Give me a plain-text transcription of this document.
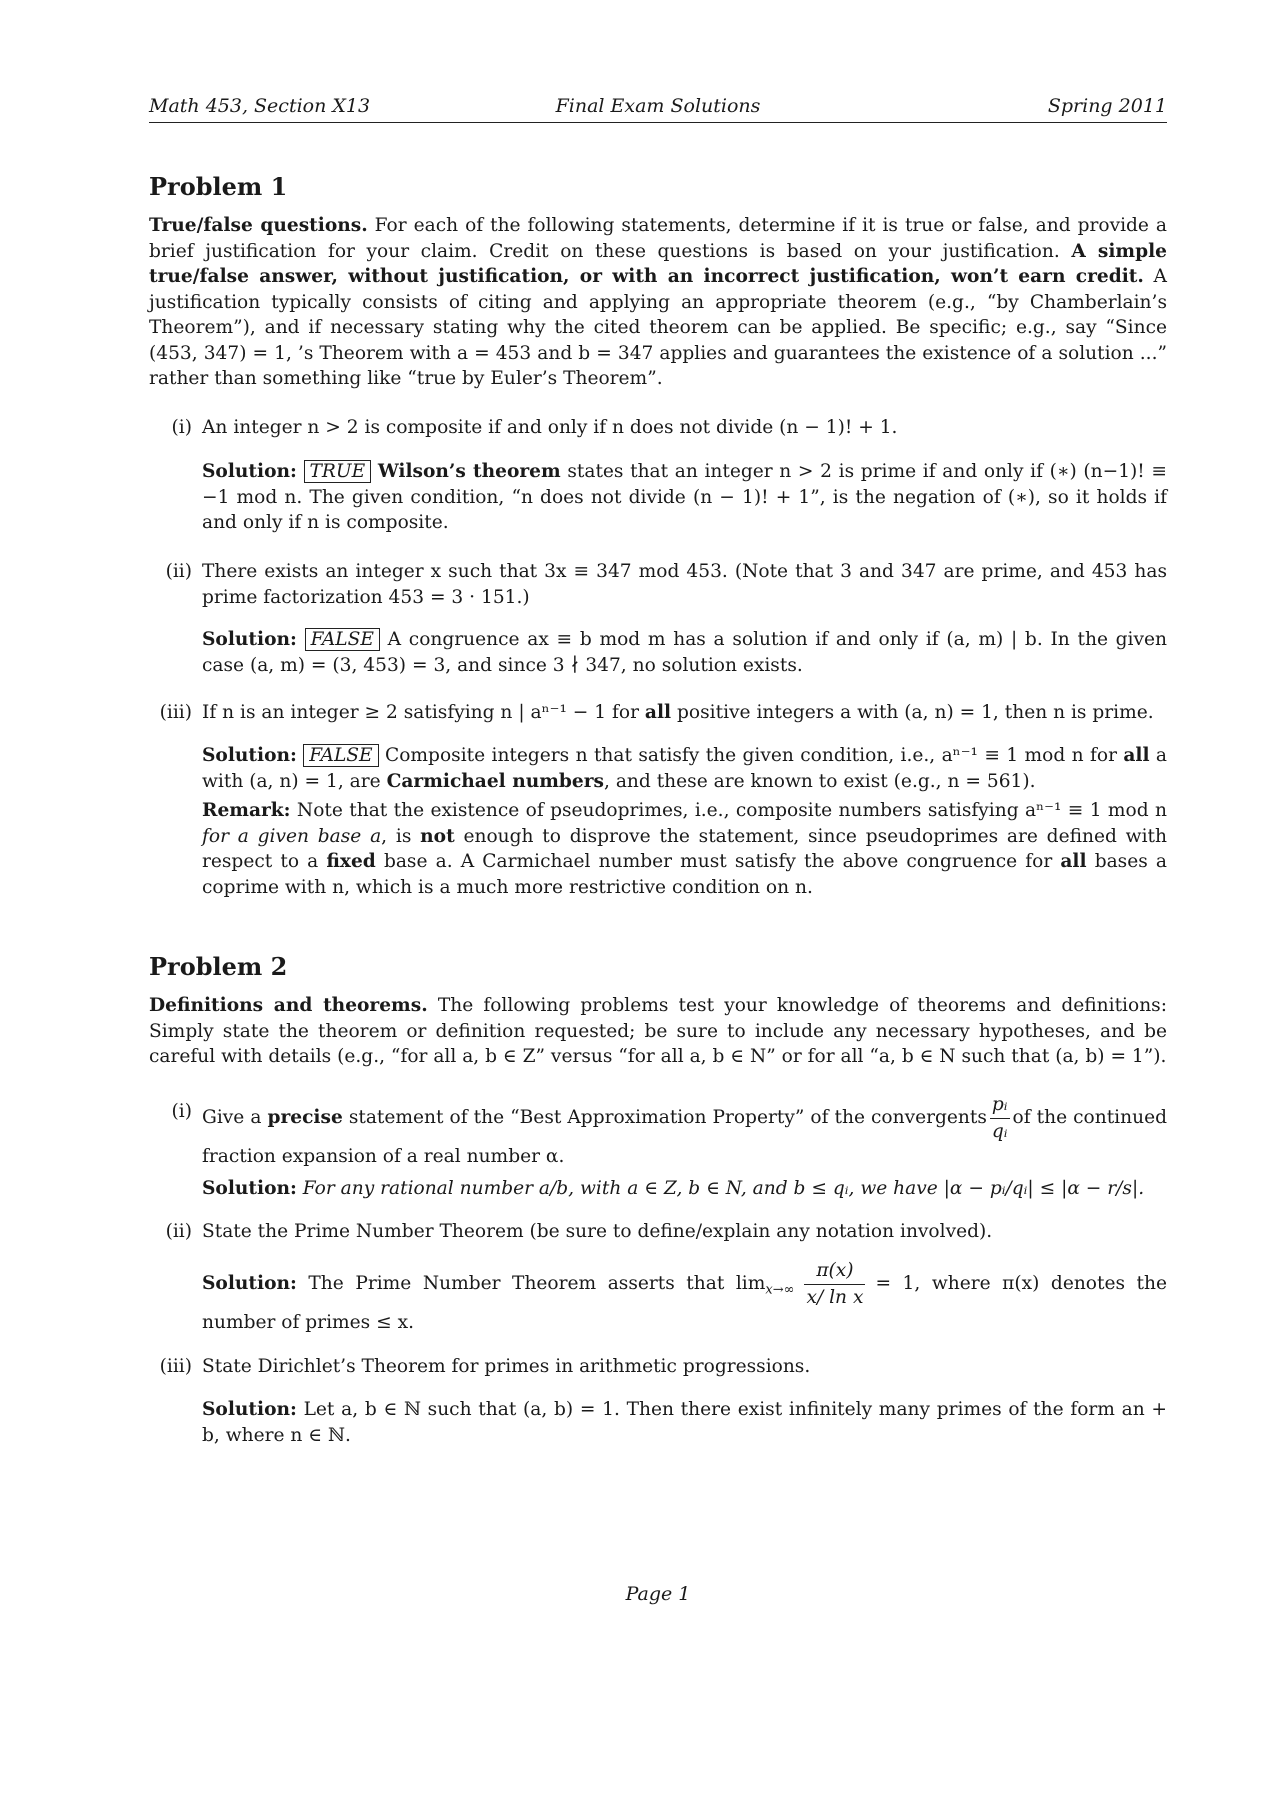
Math 453, Section X13	Final Exam Solutions	Spring 2011
Problem 1

True/false questions. For each of the following statements, determine if it is true or false, and provide a brief justification for your claim. Credit on these questions is based on your justification. A simple true/false answer, without justification, or with an incorrect justification, won’t earn credit. A justification typically consists of citing and applying an appropriate theorem (e.g., “by Chamberlain’s Theorem”), and if necessary stating why the cited theorem can be applied. Be specific; e.g., say “Since (453, 347) = 1, ’s Theorem with a = 453 and b = 347 applies and guarantees the existence of a solution ...” rather than something like “true by Euler’s Theorem”.

(i) An integer n > 2 is composite if and only if n does not divide (n − 1)! + 1.
Solution: TRUE Wilson’s theorem states that an integer n > 2 is prime if and only if (∗) (n−1)! ≡ −1 mod n. The given condition, “n does not divide (n − 1)! + 1”, is the negation of (∗), so it holds if and only if n is composite.
(ii) There exists an integer x such that 3x ≡ 347 mod 453. (Note that 3 and 347 are prime, and 453 has prime factorization 453 = 3 · 151.)
Solution: FALSE A congruence ax ≡ b mod m has a solution if and only if (a, m) | b. In the given case (a, m) = (3, 453) = 3, and since 3 ∤ 347, no solution exists.
(iii) If n is an integer ≥ 2 satisfying n | aⁿ⁻¹ − 1 for all positive integers a with (a, n) = 1, then n is prime.
Solution: FALSE Composite integers n that satisfy the given condition, i.e., aⁿ⁻¹ ≡ 1 mod n for all a with (a, n) = 1, are Carmichael numbers, and these are known to exist (e.g., n = 561).
Remark: Note that the existence of pseudoprimes, i.e., composite numbers satisfying aⁿ⁻¹ ≡ 1 mod n for a given base a, is not enough to disprove the statement, since pseudoprimes are defined with respect to a fixed base a. A Carmichael number must satisfy the above congruence for all bases a coprime with n, which is a much more restrictive condition on n.
Problem 2

Definitions and theorems. The following problems test your knowledge of theorems and definitions: Simply state the theorem or definition requested; be sure to include any necessary hypotheses, and be careful with details (e.g., “for all a, b ∈ Z” versus “for all a, b ∈ N” or for all “a, b ∈ N such that (a, b) = 1”).

(i) Give a precise statement of the “Best Approximation Property” of the convergents $\frac{\text{pᵢ}}{\text{qᵢ}}$ of the continued fraction expansion of a real number α.
Solution: For any rational number a/b, with a ∈ Z, b ∈ N, and b ≤ qᵢ, we have |α − pᵢ/qᵢ| ≤ |α − r/s|.
(ii) State the Prime Number Theorem (be sure to define/explain any notation involved).
Solution: The Prime Number Theorem asserts that $\lim_{x\to\infty} \frac{\pi(x)}{\text{x/ ln x}} = 1$, where π(x) denotes the number of primes ≤ x.
(iii) State Dirichlet’s Theorem for primes in arithmetic progressions.
Solution: Let a, b ∈ ℕ such that (a, b) = 1. Then there exist infinitely many primes of the form an + b, where n ∈ ℕ.
Page 1
